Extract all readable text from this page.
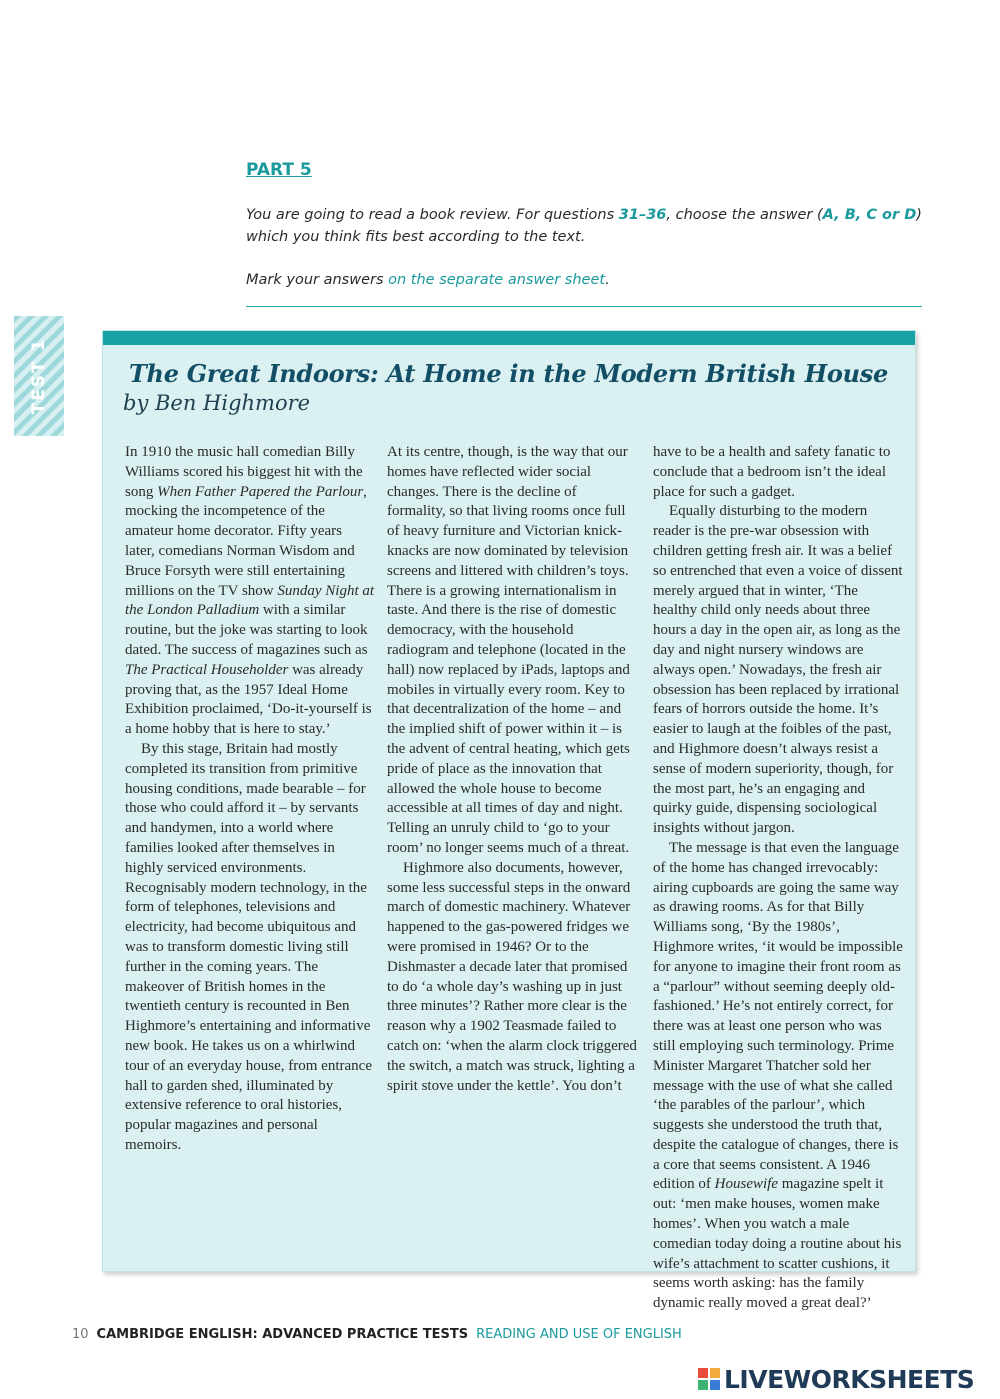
PART 5
You are going to read a book review. For questions 31–36, choose the answer (A, B, C or D) which you think fits best according to the text.
Mark your answers on the separate answer sheet.
TEST 1	The Great Indoors: At Home in the Modern British House
by Ben Highmore

In 1910 the music hall comedian Billy Williams scored his biggest hit with the song When Father Papered the Parlour, mocking the incompetence of the amateur home decorator. Fifty years later, comedians Norman Wisdom and Bruce Forsyth were still entertaining millions on the TV show Sunday Night at the London Palladium with a similar routine, but the joke was starting to look dated. The success of magazines such as The Practical Householder was already proving that, as the 1957 Ideal Home Exhibition proclaimed, ‘Do-it-yourself is a home hobby that is here to stay.’

By this stage, Britain had mostly completed its transition from primitive housing conditions, made bearable – for those who could afford it – by servants and handymen, into a world where families looked after themselves in highly serviced environments. Recognisably modern technology, in the form of telephones, televisions and electricity, had become ubiquitous and was to transform domestic living still further in the coming years. The makeover of British homes in the twentieth century is recounted in Ben Highmore’s entertaining and informative new book. He takes us on a whirlwind tour of an everyday house, from entrance hall to garden shed, illuminated by extensive reference to oral histories, popular magazines and personal memoirs.

At its centre, though, is the way that our homes have reflected wider social changes. There is the decline of formality, so that living rooms once full of heavy furniture and Victorian knick-knacks are now dominated by television screens and littered with children’s toys. There is a growing internationalism in taste. And there is the rise of domestic democracy, with the household radiogram and telephone (located in the hall) now replaced by iPads, laptops and mobiles in virtually every room. Key to that decentralization of the home – and the implied shift of power within it – is the advent of central heating, which gets pride of place as the innovation that allowed the whole house to become accessible at all times of day and night. Telling an unruly child to ‘go to your room’ no longer seems much of a threat.

Highmore also documents, however, some less successful steps in the onward march of domestic machinery. Whatever happened to the gas-powered fridges we were promised in 1946? Or to the Dishmaster a decade later that promised to do ‘a whole day’s washing up in just three minutes’? Rather more clear is the reason why a 1902 Teasmade failed to catch on: ‘when the alarm clock triggered the switch, a match was struck, lighting a spirit stove under the kettle’. You don’t

have to be a health and safety fanatic to conclude that a bedroom isn’t the ideal place for such a gadget.

Equally disturbing to the modern reader is the pre-war obsession with children getting fresh air. It was a belief so entrenched that even a voice of dissent merely argued that in winter, ‘The healthy child only needs about three hours a day in the open air, as long as the day and night nursery windows are always open.’ Nowadays, the fresh air obsession has been replaced by irrational fears of horrors outside the home. It’s easier to laugh at the foibles of the past, and Highmore doesn’t always resist a sense of modern superiority, though, for the most part, he’s an engaging and quirky guide, dispensing sociological insights without jargon.

The message is that even the language of the home has changed irrevocably: airing cupboards are going the same way as drawing rooms. As for that Billy Williams song, ‘By the 1980s’, Highmore writes, ‘it would be impossible for anyone to imagine their front room as a “parlour” without seeming deeply old-fashioned.’ He’s not entirely correct, for there was at least one person who was still employing such terminology. Prime Minister Margaret Thatcher sold her message with the use of what she called ‘the parables of the parlour’, which suggests she understood the truth that, despite the catalogue of changes, there is a core that seems consistent. A 1946 edition of Housewife magazine spelt it out: ‘men make houses, women make homes’. When you watch a male comedian today doing a routine about his wife’s attachment to scatter cushions, it seems worth asking: has the family dynamic really moved a great deal?’

10 CAMBRIDGE ENGLISH: ADVANCED PRACTICE TESTS READING AND USE OF ENGLISH
LIVEWORKSHEETS
